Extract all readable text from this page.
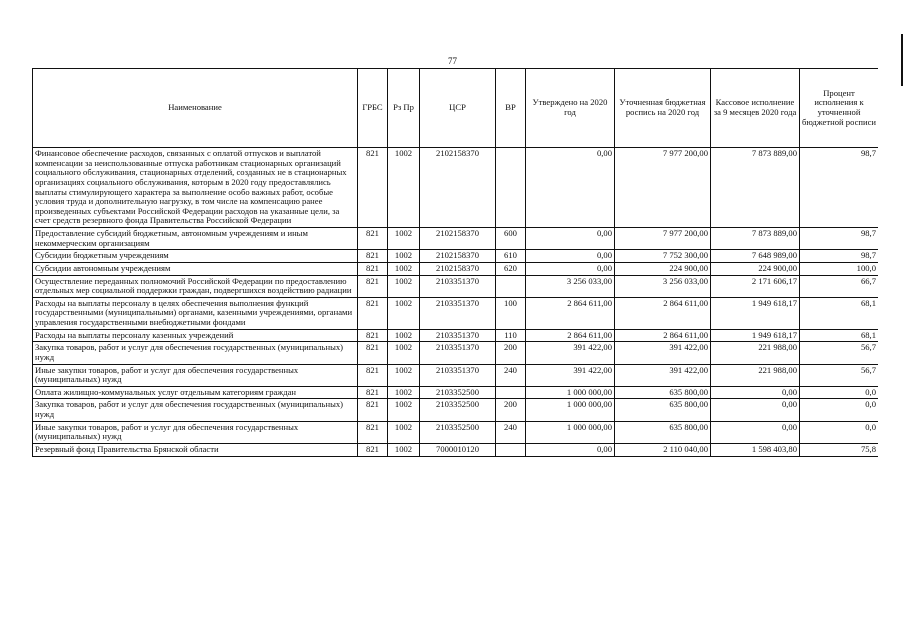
77
Наименование	ГРБС	Рз Пр	ЦСР	ВР	Утверждено на 2020 год	Уточненная бюджетная роспись на 2020 год	Кассовое исполнение за 9 месяцев 2020 года	Процент исполнения к уточненной бюджетной росписи
Финансовое обеспечение расходов, связанных с оплатой отпусков и выплатой компенсации за неиспользованные отпуска работникам стационарных организаций социального обслуживания, стационарных отделений, созданных не в стационарных организациях социального обслуживания, которым в 2020 году предоставлялись выплаты стимулирующего характера за выполнение особо важных работ, особые условия труда и дополнительную нагрузку, в том числе на компенсацию ранее произведенных субъектами Российской Федерации расходов на указанные цели, за счет средств резервного фонда Правительства Российской Федерации	821	1002	2102158370		0,00	7 977 200,00	7 873 889,00	98,7
Предоставление субсидий бюджетным, автономным учреждениям и иным некоммерческим организациям	821	1002	2102158370	600	0,00	7 977 200,00	7 873 889,00	98,7
Субсидии бюджетным учреждениям	821	1002	2102158370	610	0,00	7 752 300,00	7 648 989,00	98,7
Субсидии автономным учреждениям	821	1002	2102158370	620	0,00	224 900,00	224 900,00	100,0
Осуществление переданных полномочий Российской Федерации по предоставлению отдельных мер социальной поддержки граждан, подвергшихся воздействию радиации	821	1002	2103351370		3 256 033,00	3 256 033,00	2 171 606,17	66,7
Расходы на выплаты персоналу в целях обеспечения выполнения функций государственными (муниципальными) органами, казенными учреждениями, органами управления государственными внебюджетными фондами	821	1002	2103351370	100	2 864 611,00	2 864 611,00	1 949 618,17	68,1
Расходы на выплаты персоналу казенных учреждений	821	1002	2103351370	110	2 864 611,00	2 864 611,00	1 949 618,17	68,1
Закупка товаров, работ и услуг для обеспечения государственных (муниципальных) нужд	821	1002	2103351370	200	391 422,00	391 422,00	221 988,00	56,7
Иные закупки товаров, работ и услуг для обеспечения государственных (муниципальных) нужд	821	1002	2103351370	240	391 422,00	391 422,00	221 988,00	56,7
Оплата жилищно-коммунальных услуг отдельным категориям граждан	821	1002	2103352500		1 000 000,00	635 800,00	0,00	0,0
Закупка товаров, работ и услуг для обеспечения государственных (муниципальных) нужд	821	1002	2103352500	200	1 000 000,00	635 800,00	0,00	0,0
Иные закупки товаров, работ и услуг для обеспечения государственных (муниципальных) нужд	821	1002	2103352500	240	1 000 000,00	635 800,00	0,00	0,0
Резервный фонд Правительства Брянской области	821	1002	7000010120		0,00	2 110 040,00	1 598 403,80	75,8
